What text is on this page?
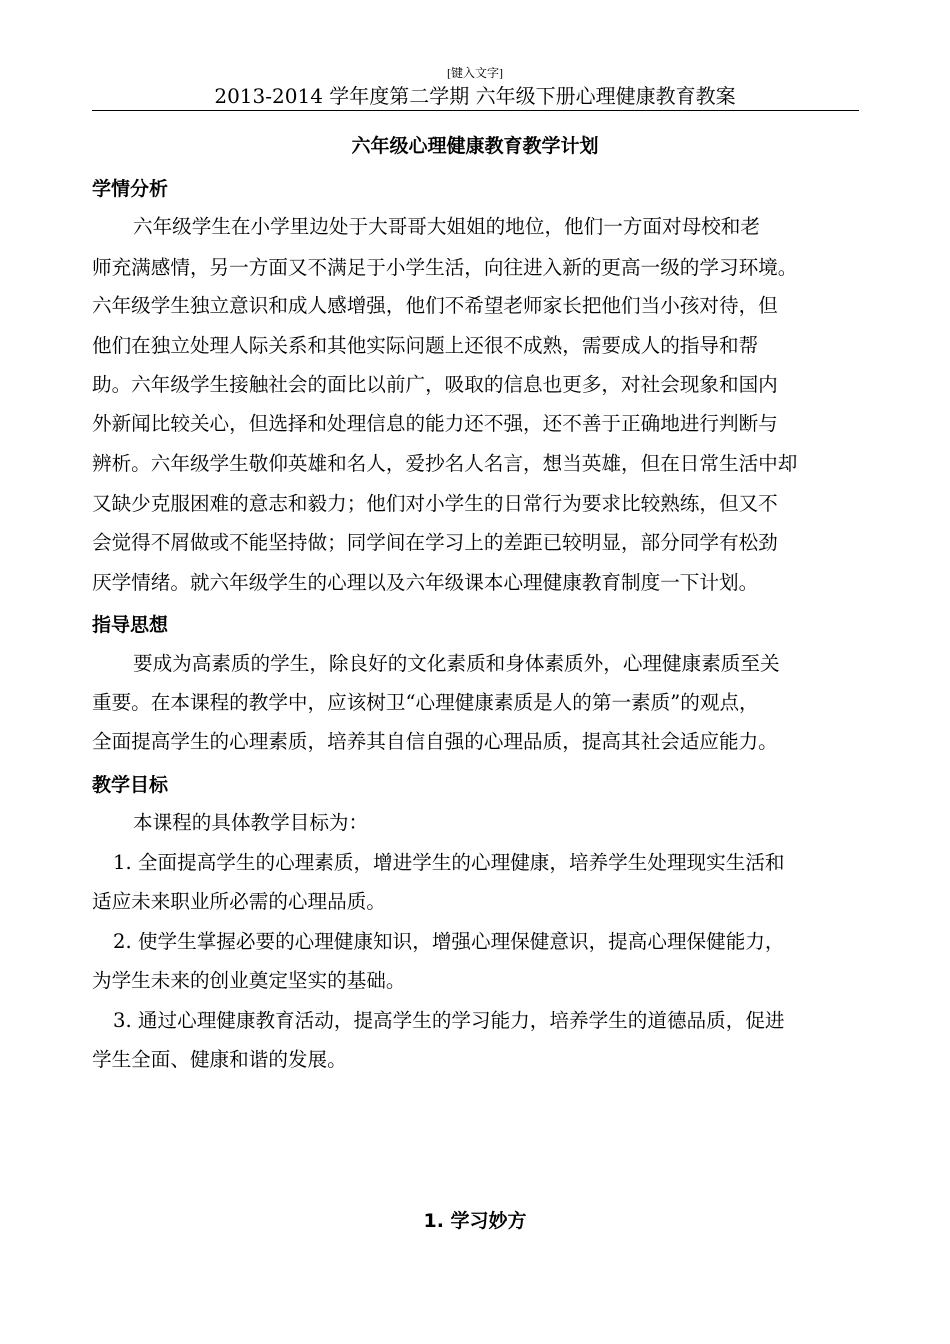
[键入文字]
2013-2014 学年度第二学期 六年级下册心理健康教育教案
六年级心理健康教育教学计划
学情分析
六年级学生在小学里边处于大哥哥大姐姐的地位，他们一方面对母校和老
师充满感情，另一方面又不满足于小学生活，向往进入新的更高一级的学习环境。
六年级学生独立意识和成人感增强，他们不希望老师家长把他们当小孩对待，但
他们在独立处理人际关系和其他实际问题上还很不成熟，需要成人的指导和帮
助。六年级学生接触社会的面比以前广，吸取的信息也更多，对社会现象和国内
外新闻比较关心，但选择和处理信息的能力还不强，还不善于正确地进行判断与
辨析。六年级学生敬仰英雄和名人，爱抄名人名言，想当英雄，但在日常生活中却
又缺少克服困难的意志和毅力；他们对小学生的日常行为要求比较熟练，但又不
会觉得不屑做或不能坚持做；同学间在学习上的差距已较明显，部分同学有松劲
厌学情绪。就六年级学生的心理以及六年级课本心理健康教育制度一下计划。
指导思想
要成为高素质的学生，除良好的文化素质和身体素质外，心理健康素质至关
重要。在本课程的教学中，应该树卫“心理健康素质是人的第一素质”的观点，
全面提高学生的心理素质，培养其自信自强的心理品质，提高其社会适应能力。
教学目标
本课程的具体教学目标为：
1. 全面提高学生的心理素质，增进学生的心理健康，培养学生处理现实生活和
适应未来职业所必需的心理品质。
2. 使学生掌握必要的心理健康知识，增强心理保健意识，提高心理保健能力，
为学生未来的创业奠定坚实的基础。
3. 通过心理健康教育活动，提高学生的学习能力，培养学生的道德品质，促进
学生全面、健康和谐的发展。
1. 学习妙方
